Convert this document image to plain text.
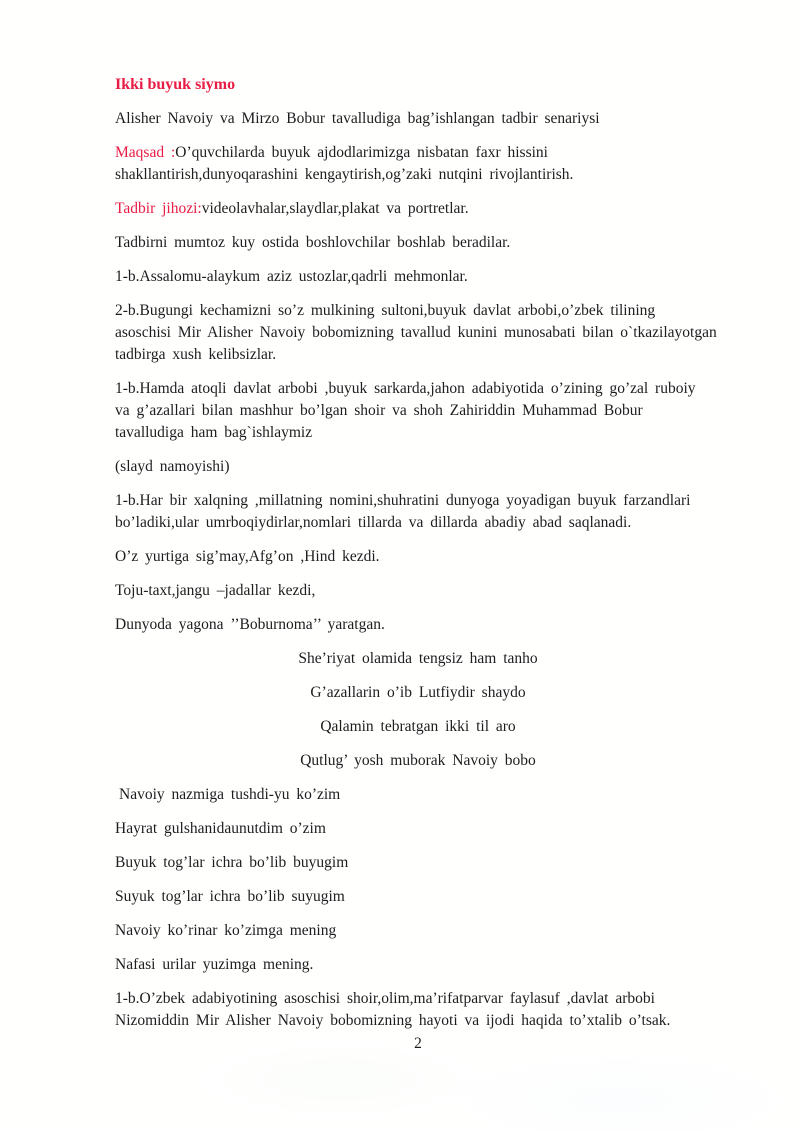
Ikki buyuk siymo

Alisher Navoiy va Mirzo Bobur tavalludiga bag’ishlangan tadbir senariysi

Maqsad :O’quvchilarda buyuk ajdodlarimizga nisbatan faxr hissini
shakllantirish,dunyoqarashini kengaytirish,og’zaki nutqini rivojlantirish.

Tadbir jihozi:videolavhalar,slaydlar,plakat va portretlar.

Tadbirni mumtoz kuy ostida boshlovchilar boshlab beradilar.

1-b.Assalomu-alaykum aziz ustozlar,qadrli mehmonlar.

2-b.Bugungi kechamizni so’z mulkining sultoni,buyuk davlat arbobi,o’zbek tilining
asoschisi Mir Alisher Navoiy bobomizning tavallud kunini munosabati bilan o`tkazilayotgan
tadbirga xush kelibsizlar.

1-b.Hamda atoqli davlat arbobi ,buyuk sarkarda,jahon adabiyotida o’zining go’zal ruboiy
va g’azallari bilan mashhur bo’lgan shoir va shoh Zahiriddin Muhammad Bobur
tavalludiga ham bag`ishlaymiz

(slayd namoyishi)

1-b.Har bir xalqning ,millatning nomini,shuhratini dunyoga yoyadigan buyuk farzandlari
bo’ladiki,ular umrboqiydirlar,nomlari tillarda va dillarda abadiy abad saqlanadi.

O’z yurtiga sig’may,Afg’on ,Hind kezdi.

Toju-taxt,jangu –jadallar kezdi,

Dunyoda yagona ’’Boburnoma’’ yaratgan.

She’riyat olamida tengsiz ham tanho

G’azallarin o’ib Lutfiydir shaydo

Qalamin tebratgan ikki til aro

Qutlug’ yosh muborak Navoiy bobo

Navoiy nazmiga tushdi-yu ko’zim

Hayrat gulshanidaunutdim o’zim

Buyuk tog’lar ichra bo’lib buyugim

Suyuk tog’lar ichra bo’lib suyugim

Navoiy ko’rinar ko’zimga mening

Nafasi urilar yuzimga mening.

1-b.O’zbek adabiyotining asoschisi shoir,olim,ma’rifatparvar faylasuf ,davlat arbobi
Nizomiddin Mir Alisher Navoiy bobomizning hayoti va ijodi haqida to’xtalib o’tsak.

2
